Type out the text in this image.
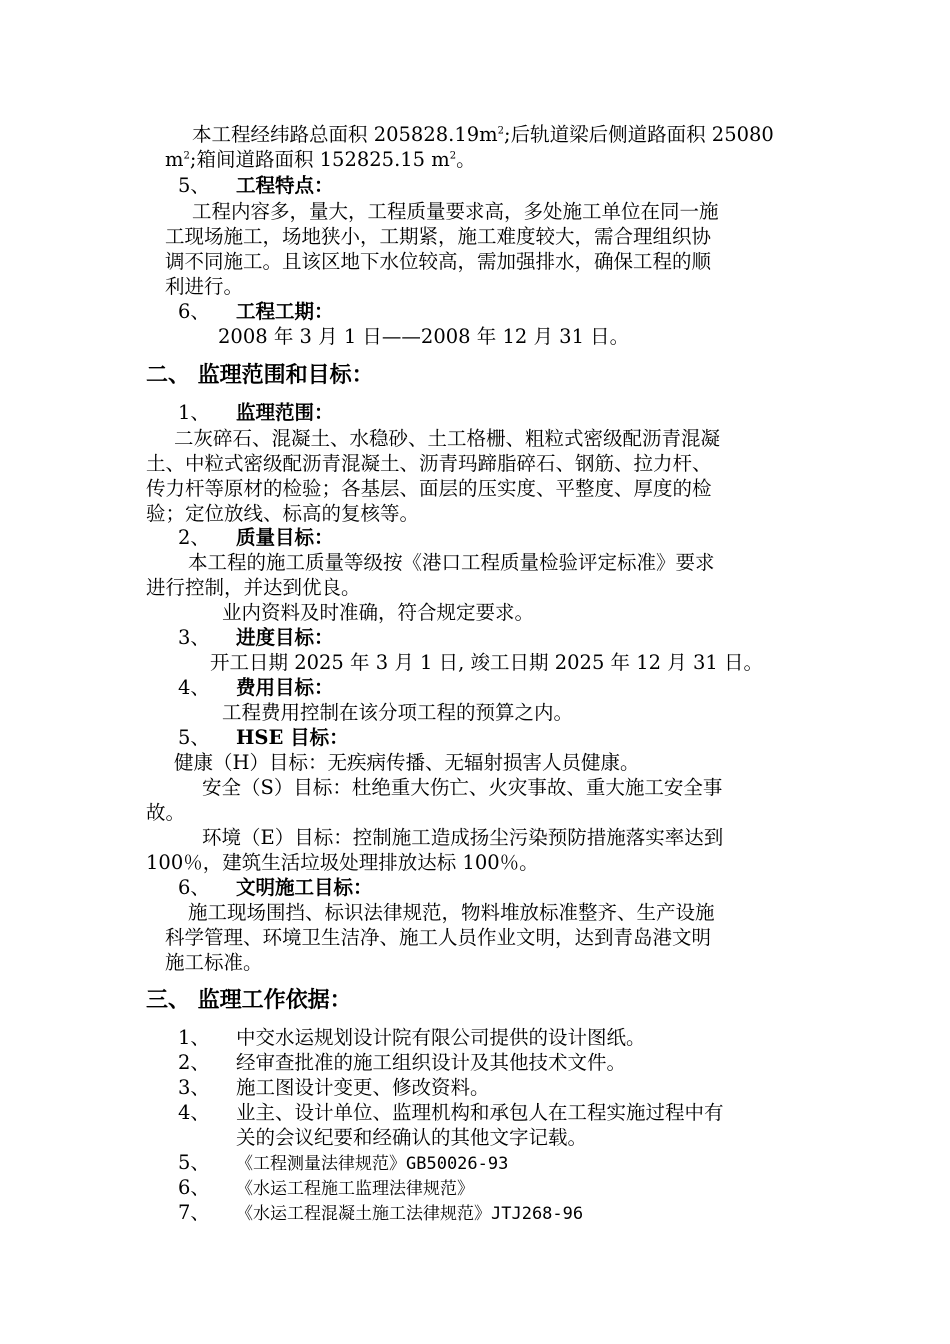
本工程经纬路总面积 $205828.19m^2$;后轨道梁后侧道路面积 25080
$m^2$;箱间道路面积 152825.15 $m^2$。
5、 工程特点：
工程内容多，量大，工程质量要求高，多处施工单位在同一施
工现场施工，场地狭小，工期紧，施工难度较大，需合理组织协
调不同施工。且该区地下水位较高，需加强排水，确保工程的顺
利进行。
6、 工程工期：
2008 年 3 月 1 日——2008 年 12 月 31 日。
二、 监理范围和目标：
1、 监理范围：
二灰碎石、混凝土、水稳砂、土工格栅、粗粒式密级配沥青混凝
土、中粒式密级配沥青混凝土、沥青玛蹄脂碎石、钢筋、拉力杆、
传力杆等原材的检验；各基层、面层的压实度、平整度、厚度的检
验；定位放线、标高的复核等。
2、 质量目标：
本工程的施工质量等级按《港口工程质量检验评定标准》要求
进行控制，并达到优良。
业内资料及时准确，符合规定要求。
3、 进度目标：
开工日期 2025 年 3 月 1 日, 竣工日期 2025 年 12 月 31 日。
4、 费用目标：
工程费用控制在该分项工程的预算之内。
5、 HSE 目标：
健康（H）目标：无疾病传播、无辐射损害人员健康。
安全（S）目标：杜绝重大伤亡、火灾事故、重大施工安全事
故。
环境（E）目标：控制施工造成扬尘污染预防措施落实率达到
100％，建筑生活垃圾处理排放达标 100％。
6、 文明施工目标：
施工现场围挡、标识法律规范，物料堆放标准整齐、生产设施
科学管理、环境卫生洁净、施工人员作业文明，达到青岛港文明
施工标准。
三、 监理工作依据：
1、 中交水运规划设计院有限公司提供的设计图纸。
2、 经审查批准的施工组织设计及其他技术文件。
3、 施工图设计变更、修改资料。
4、 业主、设计单位、监理机构和承包人在工程实施过程中有
关的会议纪要和经确认的其他文字记载。
5、 《工程测量法律规范》GB50026-93
6、 《水运工程施工监理法律规范》
7、 《水运工程混凝土施工法律规范》JTJ268-96
